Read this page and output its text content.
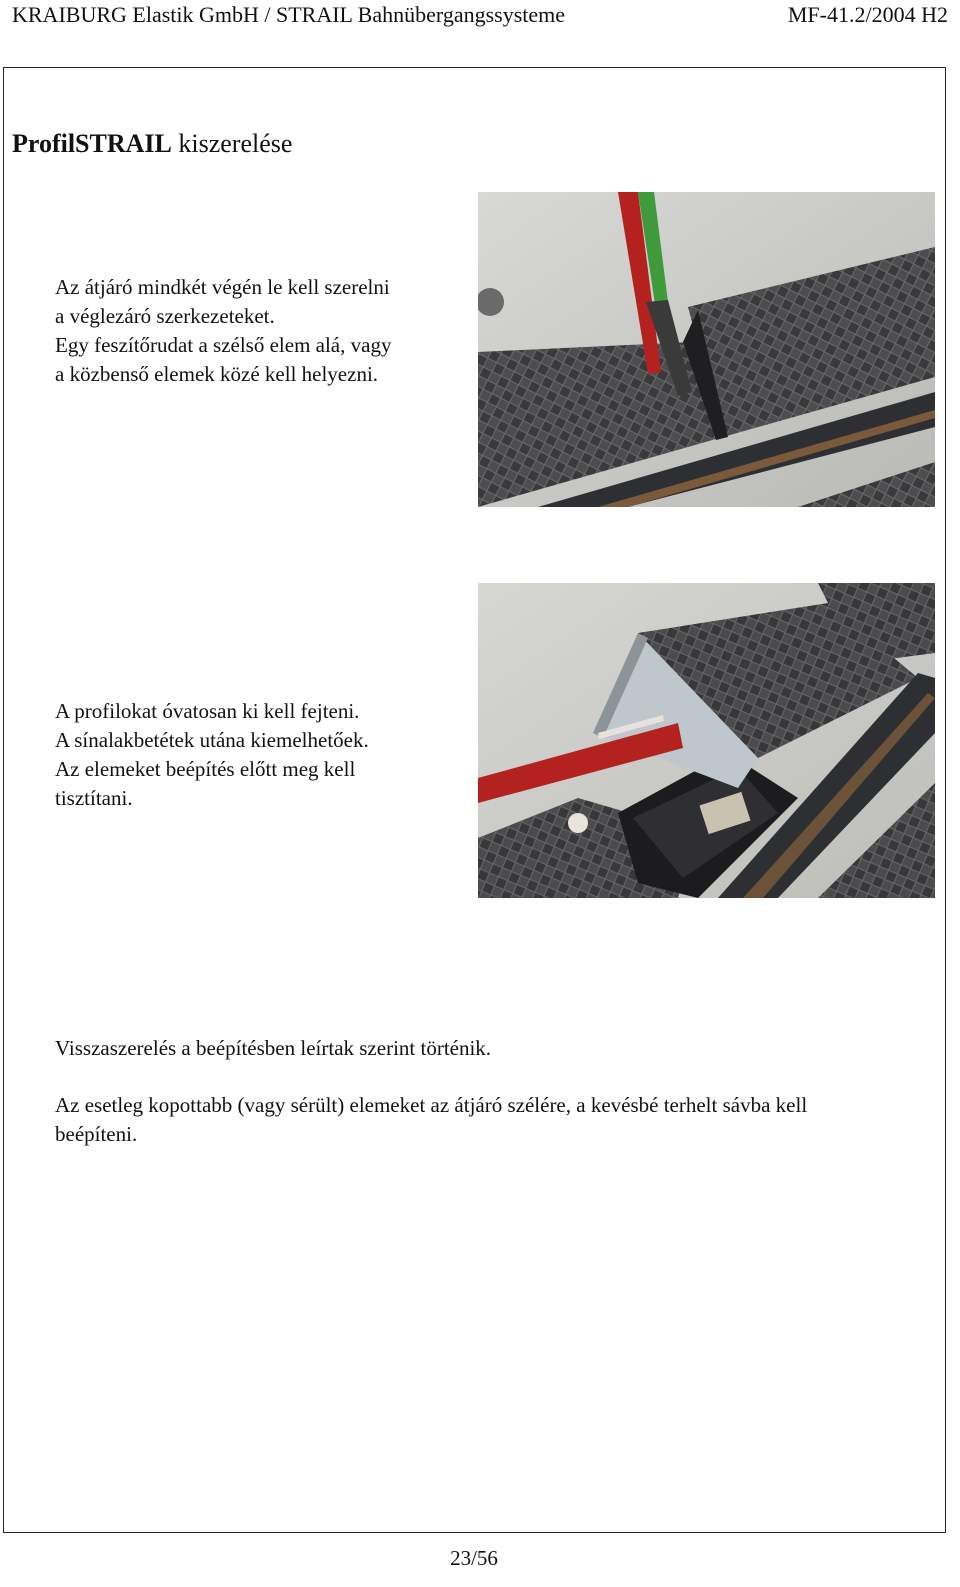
KRAIBURG Elastik GmbH / STRAIL Bahnübergangssysteme	MF-41.2/2004 H2
ProfilSTRAIL kiszerelése
Az átjáró mindkét végén le kell szerelni
a véglezáró szerkezeteket.
Egy feszítőrudat a szélső elem alá, vagy
a közbenső elemek közé kell helyezni.
A profilokat óvatosan ki kell fejteni.
A sínalakbetétek utána kiemelhetőek.
Az elemeket beépítés előtt meg kell
tisztítani.
Visszaszerelés a beépítésben leírtak szerint történik.
Az esetleg kopottabb (vagy sérült) elemeket az átjáró szélére, a kevésbé terhelt sávba kell
beépíteni.
23/56
